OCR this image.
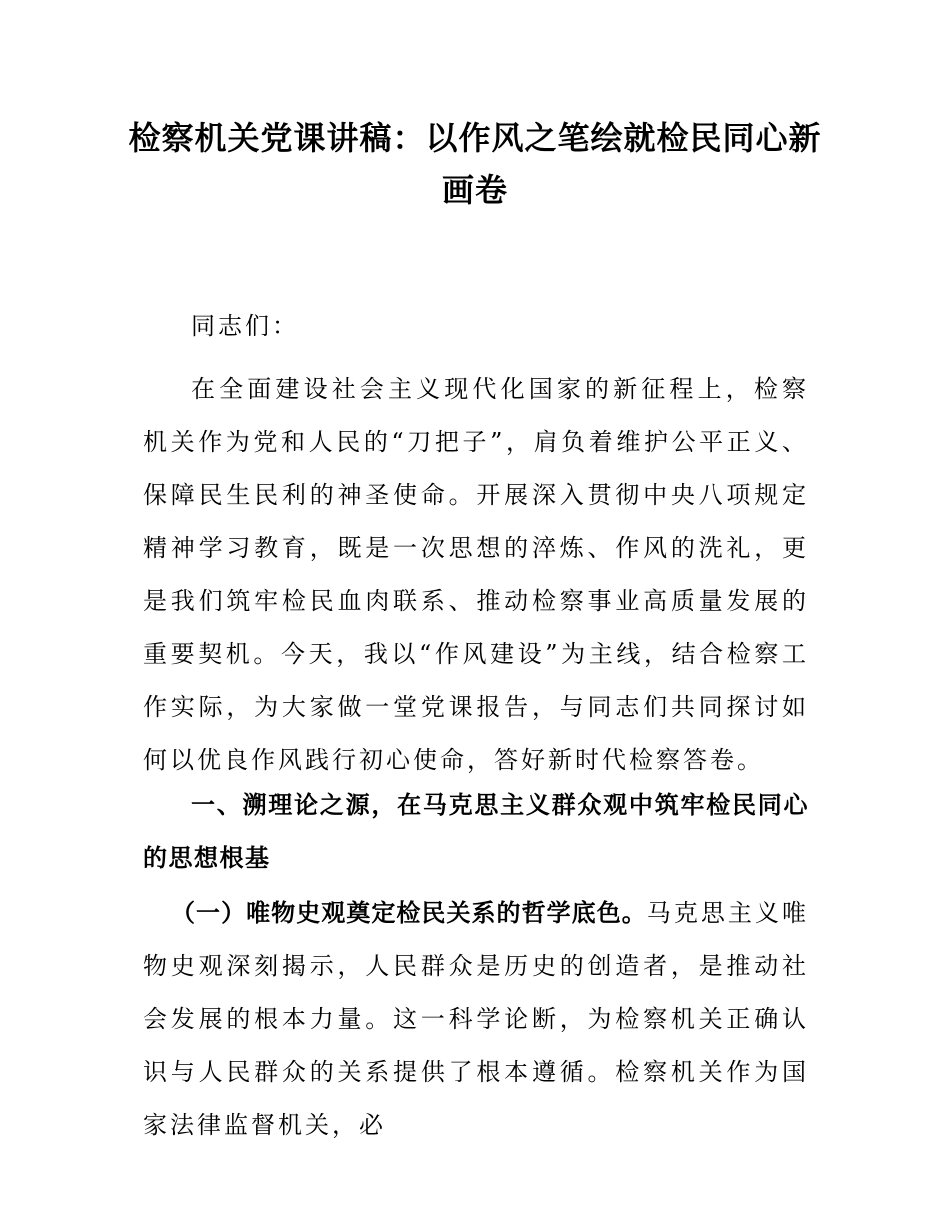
检察机关党课讲稿：以作风之笔绘就检民同心新画卷

同志们：

在全面建设社会主义现代化国家的新征程上，检察机关作为党和人民的“刀把子”，肩负着维护公平正义、保障民生民利的神圣使命。开展深入贯彻中央八项规定精神学习教育，既是一次思想的淬炼、作风的洗礼，更是我们筑牢检民血肉联系、推动检察事业高质量发展的重要契机。今天，我以“作风建设”为主线，结合检察工作实际，为大家做一堂党课报告，与同志们共同探讨如何以优良作风践行初心使命，答好新时代检察答卷。

一、溯理论之源，在马克思主义群众观中筑牢检民同心的思想根基

（一）唯物史观奠定检民关系的哲学底色。马克思主义唯物史观深刻揭示，人民群众是历史的创造者，是推动社会发展的根本力量。这一科学论断，为检察机关正确认识与人民群众的关系提供了根本遵循。检察机关作为国家法律监督机关，必
